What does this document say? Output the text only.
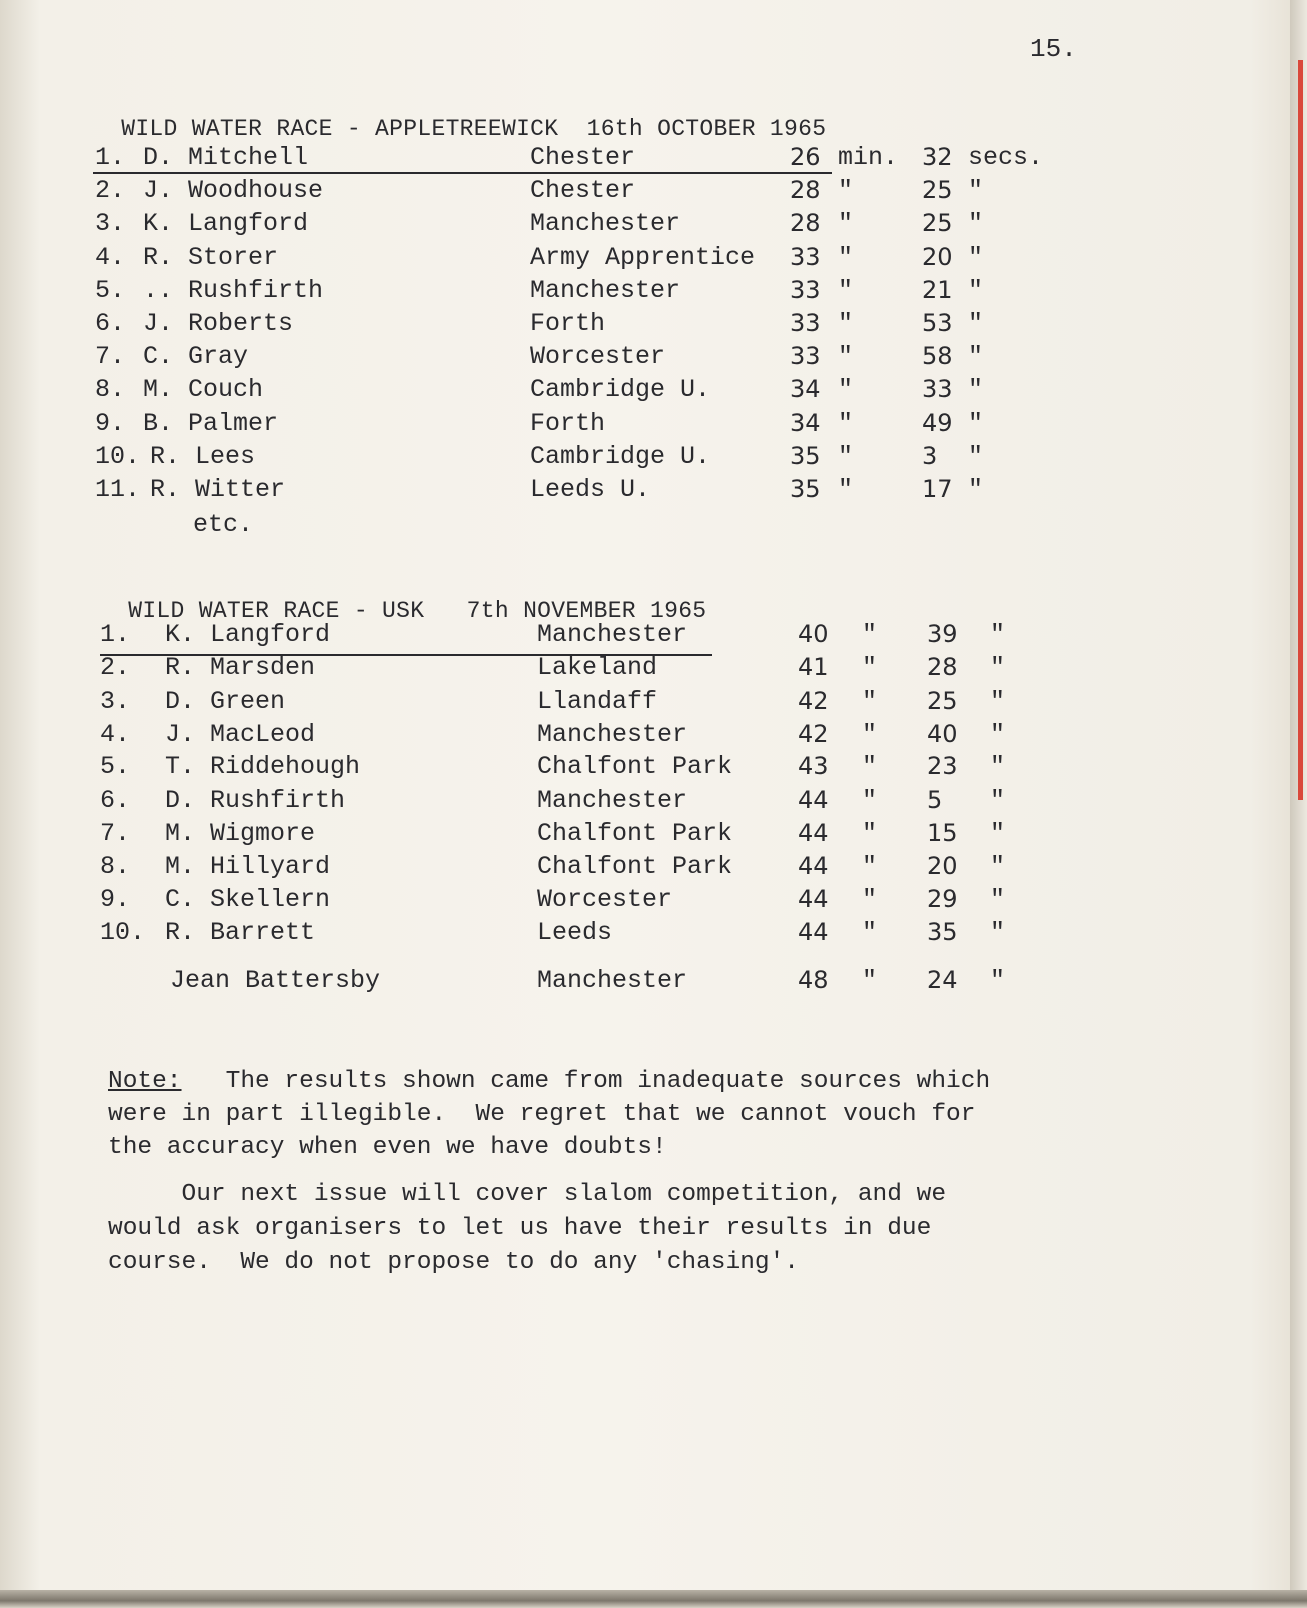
15.

WILD WATER RACE - APPLETREEWICK  16th OCTOBER 1965

1. D. Mitchell	Chester	26 min. 32 secs.
2. J. Woodhouse	Chester	28 "	25 "
3. K. Langford	Manchester	28 "	25 "
4. R. Storer	Army Apprentice 33 "	20 "
5. .. Rushfirth	Manchester	33 "	21 "
6. J. Roberts	Forth	33 "	53 "
7. C. Gray	Worcester	33 "	58 "
8. M. Couch	Cambridge U.	34 "	33 "
9. B. Palmer	Forth	34 "	49 "
10. R. Lees	Cambridge U.	35 "	3 "
11. R. Witter	Leeds U.	35 "	17 "
etc.

WILD WATER RACE - USK   7th NOVEMBER 1965

1. K. Langford	Manchester	40 " 39 "
2. R. Marsden	Lakeland	41 " 28 "
3. D. Green	Llandaff	42 " 25 "
4. J. MacLeod	Manchester	42 " 40 "
5. T. Riddehough	Chalfont Park	43 " 23 "
6. D. Rushfirth	Manchester	44 " 5 "
7. M. Wigmore	Chalfont Park	44 " 15 "
8. M. Hillyard	Chalfont Park	44 " 20 "
9. C. Skellern	Worcester	44 " 29 "
10. R. Barrett	Leeds	44 " 35 "
Jean Battersby	Manchester	48 " 24 "
Note:   The results shown came from inadequate sources which
were in part illegible.  We regret that we cannot vouch for
the accuracy when even we have doubts!
Our next issue will cover slalom competition, and we
would ask organisers to let us have their results in due
course.  We do not propose to do any 'chasing'.
